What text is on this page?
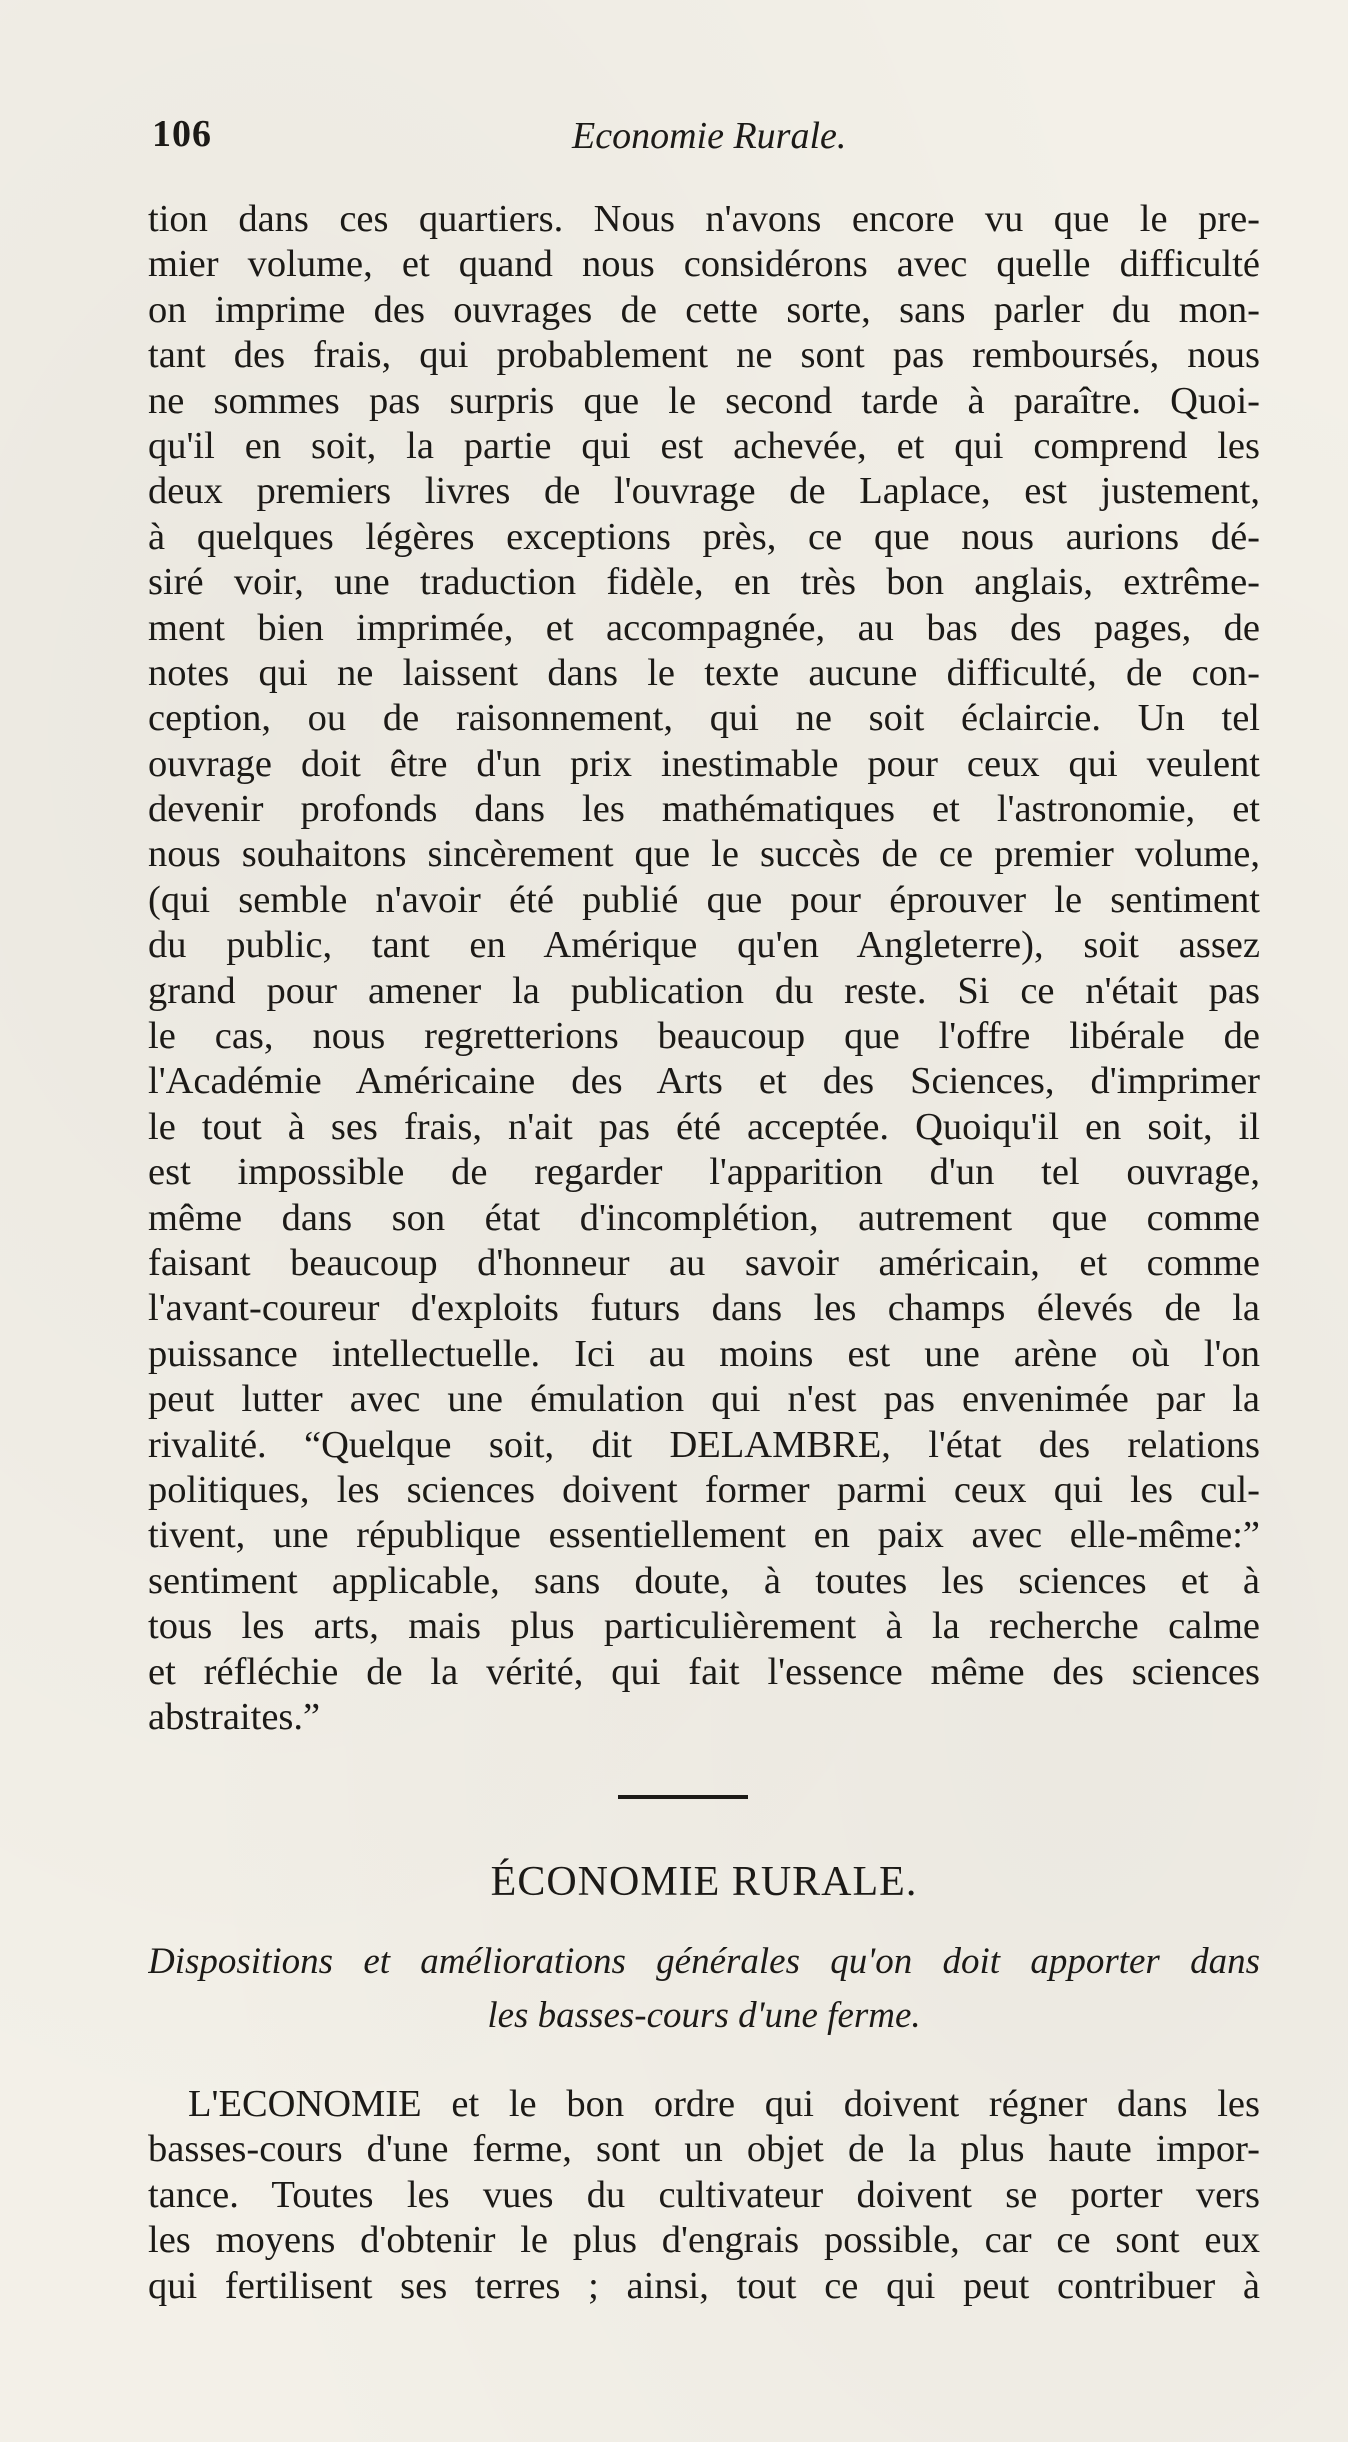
106	Economie Rurale.
tion dans ces quartiers. Nous n'avons encore vu que le pre-
mier volume, et quand nous considérons avec quelle difficulté
on imprime des ouvrages de cette sorte, sans parler du mon-
tant des frais, qui probablement ne sont pas remboursés, nous
ne sommes pas surpris que le second tarde à paraître. Quoi-
qu'il en soit, la partie qui est achevée, et qui comprend les
deux premiers livres de l'ouvrage de Laplace, est justement,
à quelques légères exceptions près, ce que nous aurions dé-
siré voir, une traduction fidèle, en très bon anglais, extrême-
ment bien imprimée, et accompagnée, au bas des pages, de
notes qui ne laissent dans le texte aucune difficulté, de con-
ception, ou de raisonnement, qui ne soit éclaircie. Un tel
ouvrage doit être d'un prix inestimable pour ceux qui veulent
devenir profonds dans les mathématiques et l'astronomie, et
nous souhaitons sincèrement que le succès de ce premier volume,
(qui semble n'avoir été publié que pour éprouver le sentiment
du public, tant en Amérique qu'en Angleterre), soit assez
grand pour amener la publication du reste. Si ce n'était pas
le cas, nous regretterions beaucoup que l'offre libérale de
l'Académie Américaine des Arts et des Sciences, d'imprimer
le tout à ses frais, n'ait pas été acceptée. Quoiqu'il en soit, il
est impossible de regarder l'apparition d'un tel ouvrage,
même dans son état d'incomplétion, autrement que comme
faisant beaucoup d'honneur au savoir américain, et comme
l'avant-coureur d'exploits futurs dans les champs élevés de la
puissance intellectuelle. Ici au moins est une arène où l'on
peut lutter avec une émulation qui n'est pas envenimée par la
rivalité. “Quelque soit, dit DELAMBRE, l'état des relations
politiques, les sciences doivent former parmi ceux qui les cul-
tivent, une république essentiellement en paix avec elle-même:”
sentiment applicable, sans doute, à toutes les sciences et à
tous les arts, mais plus particulièrement à la recherche calme
et réfléchie de la vérité, qui fait l'essence même des sciences
abstraites.”
ÉCONOMIE RURALE.
Dispositions et améliorations générales qu'on doit apporter dans
les basses-cours d'une ferme.
L'ECONOMIE et le bon ordre qui doivent régner dans les
basses-cours d'une ferme, sont un objet de la plus haute impor-
tance. Toutes les vues du cultivateur doivent se porter vers
les moyens d'obtenir le plus d'engrais possible, car ce sont eux
qui fertilisent ses terres ; ainsi, tout ce qui peut contribuer à
